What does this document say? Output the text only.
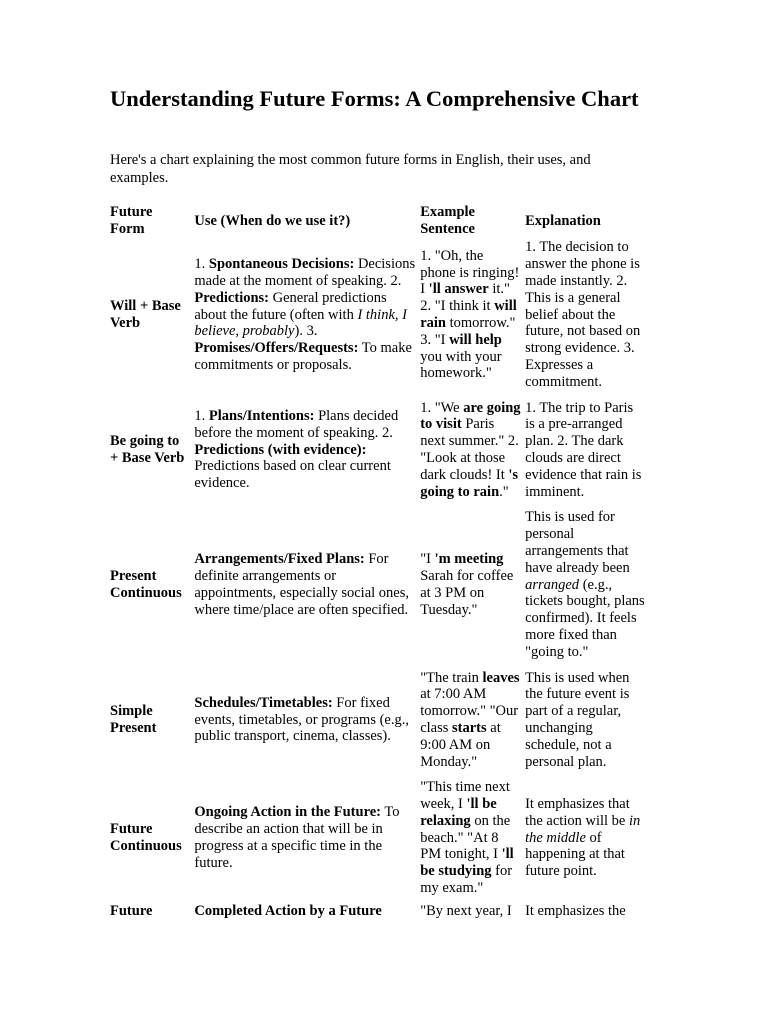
Understanding Future Forms: A Comprehensive Chart

Here's a chart explaining the most common future forms in English, their uses, and examples.

Future Form	Use (When do we use it?)	Example Sentence	Explanation
Will + Base Verb	1. Spontaneous Decisions: Decisions made at the moment of speaking. 2. Predictions: General predictions about the future (often with I think, I believe, probably). 3. Promises/Offers/Requests: To make commitments or proposals.	1. "Oh, the phone is ringing! I 'll answer it." 2. "I think it will rain tomorrow." 3. "I will help you with your homework."	1. The decision to answer the phone is made instantly. 2. This is a general belief about the future, not based on strong evidence. 3. Expresses a commitment.
Be going to + Base Verb	1. Plans/Intentions: Plans decided before the moment of speaking. 2. Predictions (with evidence): Predictions based on clear current evidence.	1. "We are going to visit Paris next summer." 2. "Look at those dark clouds! It 's going to rain."	1. The trip to Paris is a pre-arranged plan. 2. The dark clouds are direct evidence that rain is imminent.
Present Continuous	Arrangements/Fixed Plans: For definite arrangements or appointments, especially social ones, where time/place are often specified.	"I 'm meeting Sarah for coffee at 3 PM on Tuesday."	This is used for personal arrangements that have already been arranged (e.g., tickets bought, plans confirmed). It feels more fixed than "going to."
Simple Present	Schedules/Timetables: For fixed events, timetables, or programs (e.g., public transport, cinema, classes).	"The train leaves at 7:00 AM tomorrow." "Our class starts at 9:00 AM on Monday."	This is used when the future event is part of a regular, unchanging schedule, not a personal plan.
Future Continuous	Ongoing Action in the Future: To describe an action that will be in progress at a specific time in the future.	"This time next week, I 'll be relaxing on the beach." "At 8 PM tonight, I 'll be studying for my exam."	It emphasizes that the action will be in the middle of happening at that future point.
Future	Completed Action by a Future	"By next year, I	It emphasizes the
